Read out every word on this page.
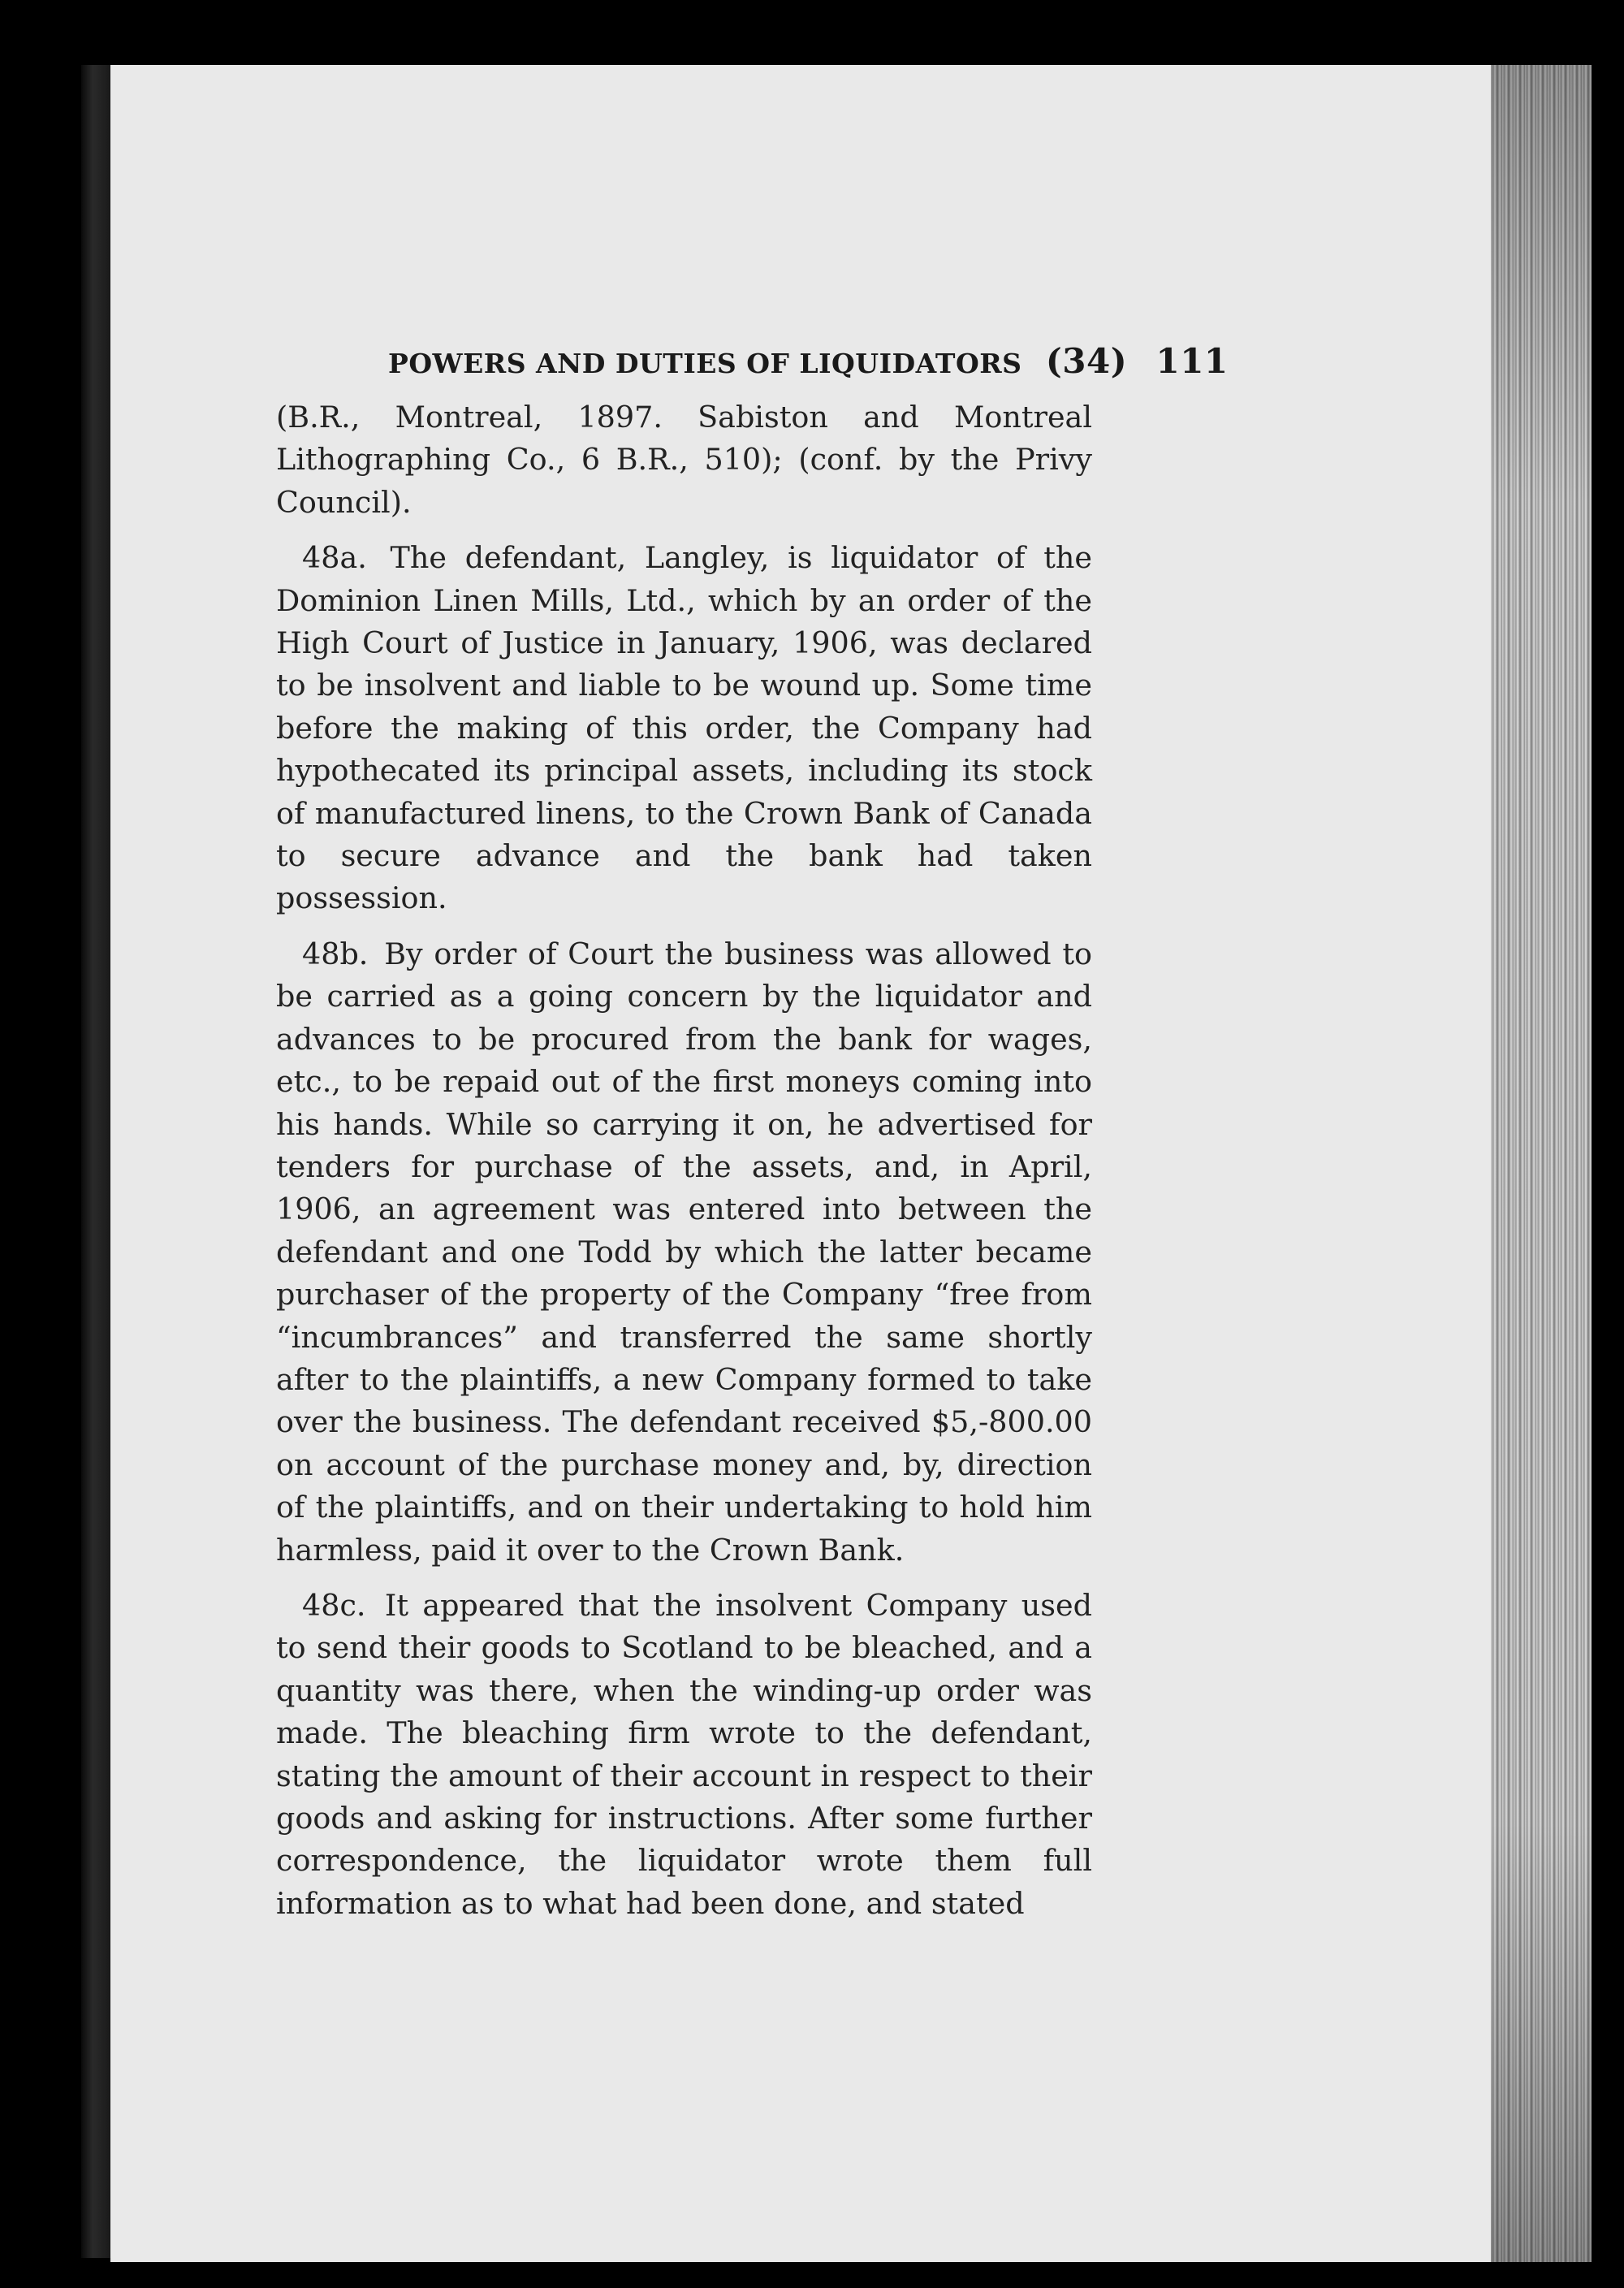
POWERS AND DUTIES OF LIQUIDATORS (34) 111

(B.R., Montreal, 1897. Sabiston and Montreal Lithographing Co., 6 B.R., 510); (conf. by the Privy Council).

48a. The defendant, Langley, is liquidator of the Dominion Linen Mills, Ltd., which by an order of the High Court of Justice in January, 1906, was declared to be insolvent and liable to be wound up. Some time before the making of this order, the Company had hypothecated its principal assets, including its stock of manufactured linens, to the Crown Bank of Canada to secure advance and the bank had taken possession.

48b. By order of Court the business was allowed to be carried as a going concern by the liquidator and advances to be procured from the bank for wages, etc., to be repaid out of the first moneys coming into his hands. While so carrying it on, he advertised for tenders for purchase of the assets, and, in April, 1906, an agreement was entered into between the defendant and one Todd by which the latter became purchaser of the property of the Company “free from “incumbrances” and transferred the same shortly after to the plaintiffs, a new Company formed to take over the business. The defendant received $5,-800.00 on account of the purchase money and, by, direction of the plaintiffs, and on their undertaking to hold him harmless, paid it over to the Crown Bank.

48c. It appeared that the insolvent Company used to send their goods to Scotland to be bleached, and a quantity was there, when the winding-up order was made. The bleaching firm wrote to the defendant, stating the amount of their account in respect to their goods and asking for instructions. After some further correspondence, the liquidator wrote them full information as to what had been done, and stated
